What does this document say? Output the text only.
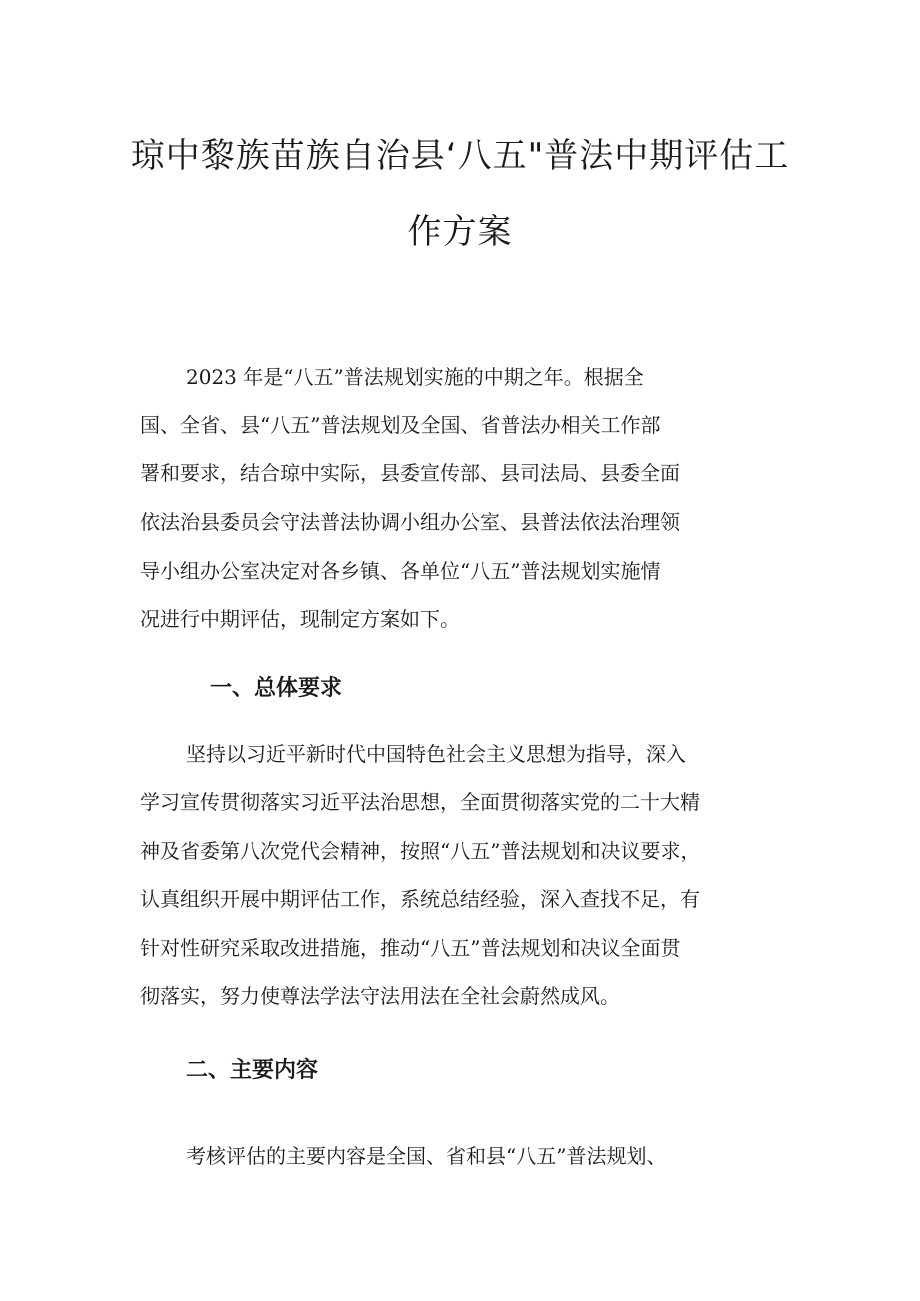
琼中黎族苗族自治县‘八五"普法中期评估工
作方案

2023 年是“八五”普法规划实施的中期之年。根据全

国、全省、县“八五”普法规划及全国、省普法办相关工作部

署和要求，结合琼中实际，县委宣传部、县司法局、县委全面

依法治县委员会守法普法协调小组办公室、县普法依法治理领

导小组办公室决定对各乡镇、各单位“八五”普法规划实施情

况进行中期评估，现制定方案如下。

一、总体要求

坚持以习近平新时代中国特色社会主义思想为指导，深入

学习宣传贯彻落实习近平法治思想，全面贯彻落实党的二十大精

神及省委第八次党代会精神，按照“八五”普法规划和决议要求，

认真组织开展中期评估工作，系统总结经验，深入查找不足，有

针对性研究采取改进措施，推动“八五”普法规划和决议全面贯

彻落实，努力使尊法学法守法用法在全社会蔚然成风。

二、主要内容

考核评估的主要内容是全国、省和县“八五”普法规划、
